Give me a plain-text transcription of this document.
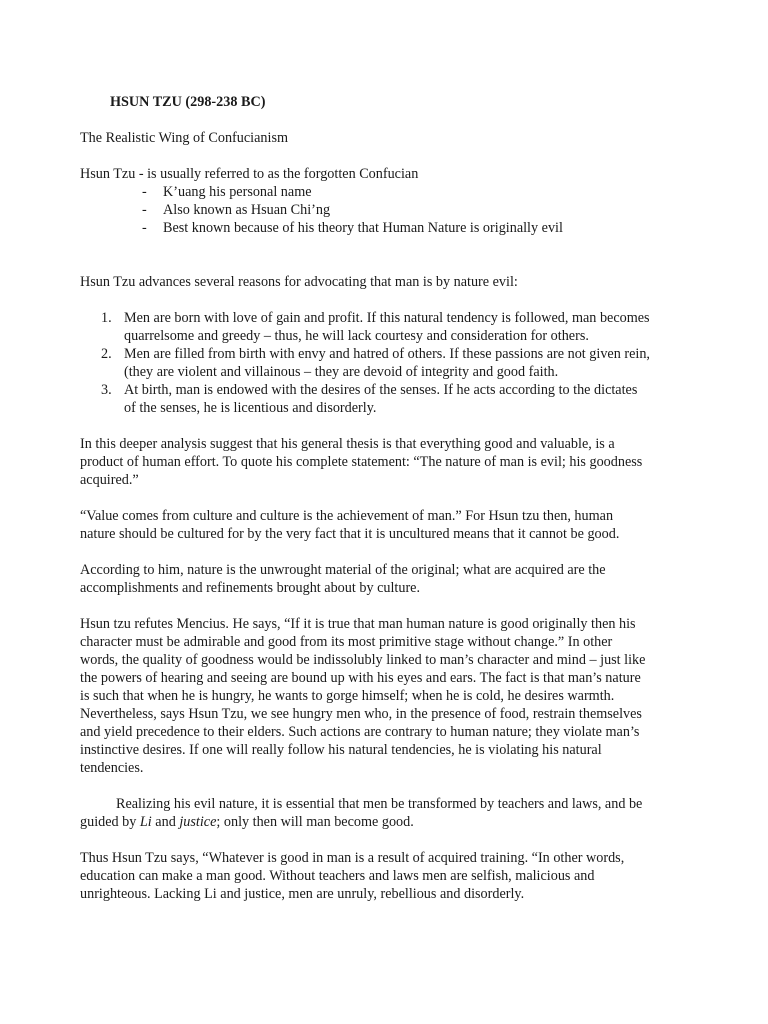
HSUN TZU (298-238 BC)

The Realistic Wing of Confucianism

Hsun Tzu - is usually referred to as the forgotten Confucian

- K’uang his personal name
- Also known as Hsuan Chi’ng
- Best known because of his theory that Human Nature is originally evil

Hsun Tzu advances several reasons for advocating that man is by nature evil:

1. Men are born with love of gain and profit. If this natural tendency is followed, man becomes quarrelsome and greedy – thus, he will lack courtesy and consideration for others.
2. Men are filled from birth with envy and hatred of others. If these passions are not given rein, (they are violent and villainous – they are devoid of integrity and good faith.
3. At birth, man is endowed with the desires of the senses. If he acts according to the dictates of the senses, he is licentious and disorderly.

In this deeper analysis suggest that his general thesis is that everything good and valuable, is a product of human effort. To quote his complete statement: “The nature of man is evil; his goodness acquired.”

“Value comes from culture and culture is the achievement of man.” For Hsun tzu then, human nature should be cultured for by the very fact that it is uncultured means that it cannot be good.

According to him, nature is the unwrought material of the original; what are acquired are the accomplishments and refinements brought about by culture.

Hsun tzu refutes Mencius. He says, “If it is true that man human nature is good originally then his character must be admirable and good from its most primitive stage without change.” In other words, the quality of goodness would be indissolubly linked to man’s character and mind – just like the powers of hearing and seeing are bound up with his eyes and ears. The fact is that man’s nature is such that when he is hungry, he wants to gorge himself; when he is cold, he desires warmth. Nevertheless, says Hsun Tzu, we see hungry men who, in the presence of food, restrain themselves and yield precedence to their elders. Such actions are contrary to human nature; they violate man’s instinctive desires. If one will really follow his natural tendencies, he is violating his natural tendencies.

Realizing his evil nature, it is essential that men be transformed by teachers and laws, and be guided by Li and justice; only then will man become good.

Thus Hsun Tzu says, “Whatever is good in man is a result of acquired training. “In other words, education can make a man good. Without teachers and laws men are selfish, malicious and unrighteous. Lacking Li and justice, men are unruly, rebellious and disorderly.
